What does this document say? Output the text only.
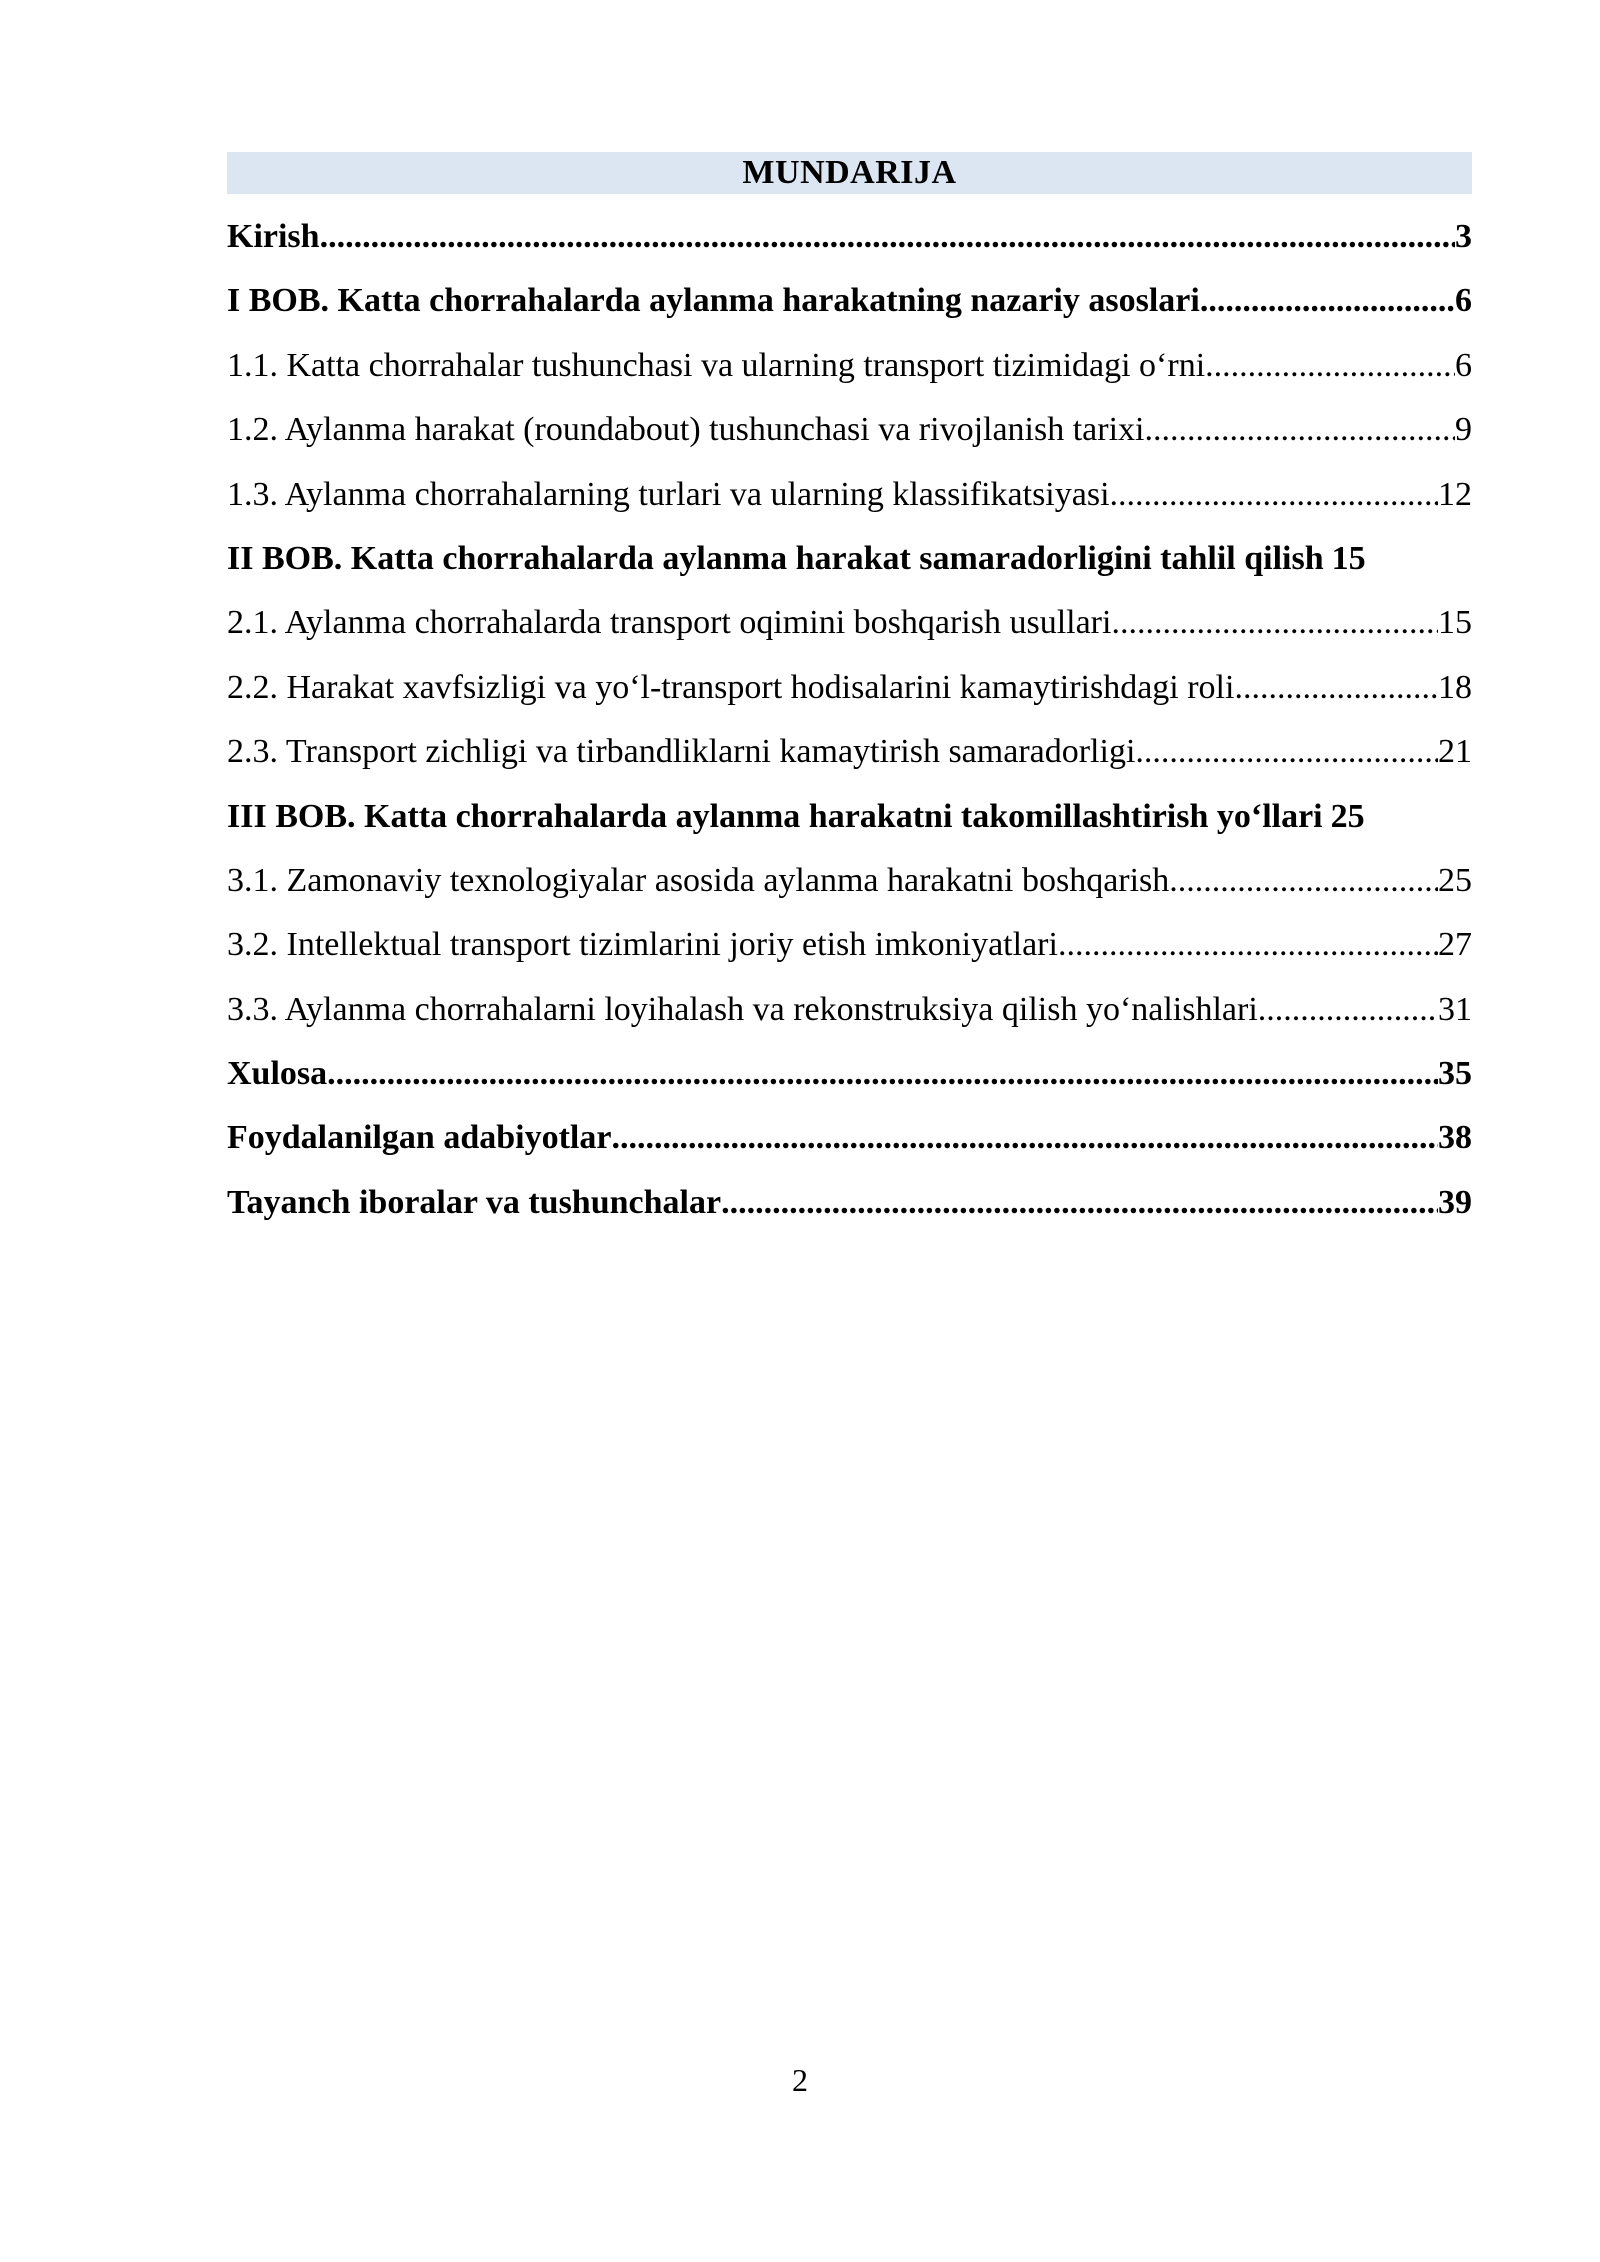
MUNDARIJA
Kirish .....	3
I BOB. Katta chorrahalarda aylanma harakatning nazariy asoslari .....	6
1.1. Katta chorrahalar tushunchasi va ularning transport tizimidagi o‘rni .....	6
1.2. Aylanma harakat (roundabout) tushunchasi va rivojlanish tarixi .....	9
1.3. Aylanma chorrahalarning turlari va ularning klassifikatsiyasi .....	12
II BOB. Katta chorrahalarda aylanma harakat samaradorligini tahlil qilish 15
2.1. Aylanma chorrahalarda transport oqimini boshqarish usullari .....	15
2.2. Harakat xavfsizligi va yo‘l-transport hodisalarini kamaytirishdagi roli .....	18
2.3. Transport zichligi va tirbandliklarni kamaytirish samaradorligi .....	21
III BOB. Katta chorrahalarda aylanma harakatni takomillashtirish yo‘llari 25
3.1. Zamonaviy texnologiyalar asosida aylanma harakatni boshqarish .....	25
3.2. Intellektual transport tizimlarini joriy etish imkoniyatlari .....	27
3.3. Aylanma chorrahalarni loyihalash va rekonstruksiya qilish yo‘nalishlari .....	31
Xulosa .....	35
Foydalanilgan adabiyotlar .....	38
Tayanch iboralar va tushunchalar .....	39
2
